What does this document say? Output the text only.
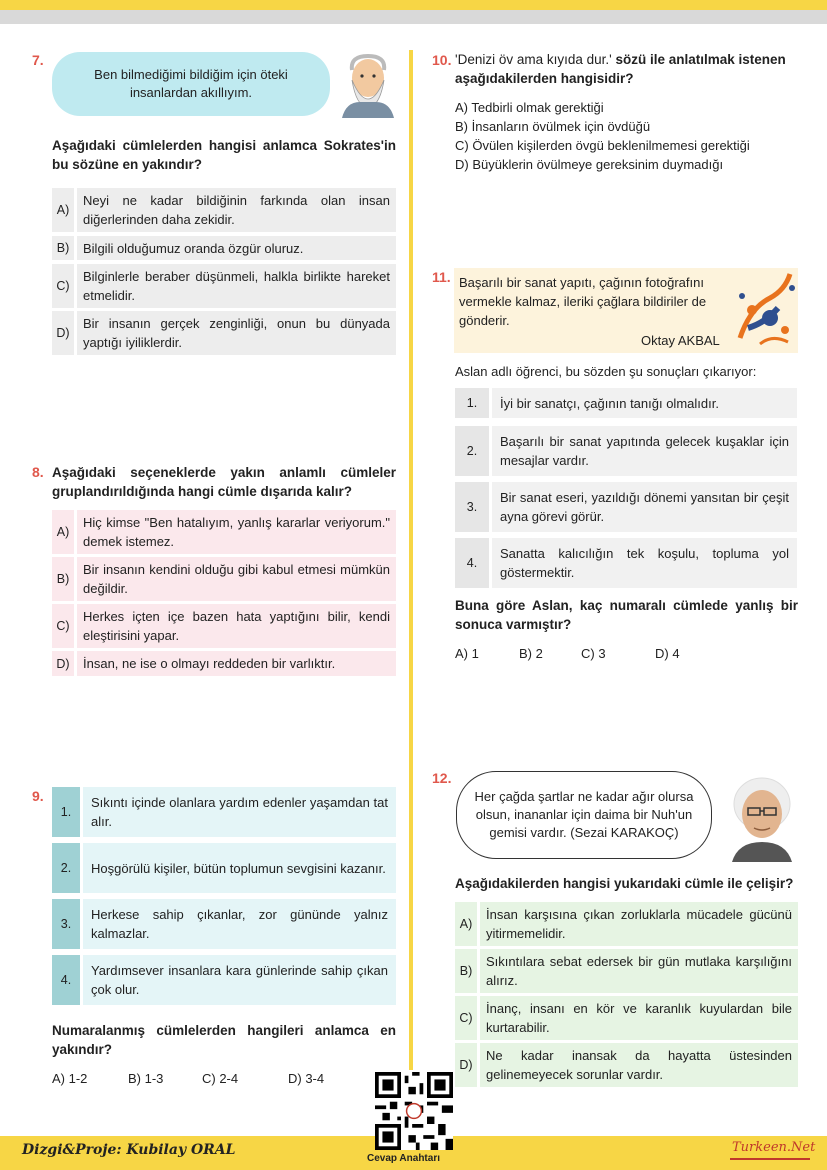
7.
Ben bilmediğimi bildiğim için öteki insanlardan akıllıyım.
Aşağıdaki cümlelerden hangisi anlamca Sokrates'in bu sözüne en yakındır?
A)
Neyi ne kadar bildiğinin farkında olan insan diğerlerinden daha zekidir.
B)	Bilgili olduğumuz oranda özgür oluruz.
C)
Bilginlerle beraber düşünmeli, halkla birlikte hareket etmelidir.
D)
Bir insanın gerçek zenginliği, onun bu dünyada yaptığı iyiliklerdir.
8. Aşağıdaki seçeneklerde yakın anlamlı cümleler gruplandırıldığında hangi cümle dışarıda kalır?
A)
Hiç kimse "Ben hatalıyım, yanlış kararlar veriyorum." demek istemez.
B)
Bir insanın kendini olduğu gibi kabul etmesi mümkün değildir.
C)
Herkes içten içe bazen hata yaptığını bilir, kendi eleştirisini yapar.
D)	İnsan, ne ise o olmayı reddeden bir varlıktır.
9.
1.
Sıkıntı içinde olanlara yardım edenler yaşamdan tat alır.
2.	Hoşgörülü kişiler, bütün toplumun sevgisini kazanır.
3.
Herkese sahip çıkanlar, zor gününde yalnız kalmazlar.
4.
Yardımsever insanlara kara günlerinde sahip çıkan çok olur.
Numaralanmış cümlelerden hangileri anlamca en yakındır?
A) 1-2	B) 1-3	C) 2-4	D) 3-4
10. 'Denizi öv ama kıyıda dur.' sözü ile anlatılmak istenen aşağıdakilerden hangisidir?
A) Tedbirli olmak gerektiği
B) İnsanların övülmek için övdüğü
C) Övülen kişilerden övgü beklenilmemesi gerektiği
D) Büyüklerin övülmeye gereksinim duymadığı
11. Başarılı bir sanat yapıtı, çağının fotoğrafını vermekle kalmaz, ileriki çağlara bildiriler de gönderir.
Oktay AKBAL
Aslan adlı öğrenci, bu sözden şu sonuçları çıkarıyor:
1.	İyi bir sanatçı, çağının tanığı olmalıdır.
2.
Başarılı bir sanat yapıtında gelecek kuşaklar için mesajlar vardır.
3.
Bir sanat eseri, yazıldığı dönemi yansıtan bir çeşit ayna görevi görür.
4.
Sanatta kalıcılığın tek koşulu, topluma yol göstermektir.
Buna göre Aslan, kaç numaralı cümlede yanlış bir sonuca varmıştır?
A) 1	B) 2	C) 3	D) 4
12.
Her çağda şartlar ne kadar ağır olursa olsun, inananlar için daima bir Nuh'un gemisi vardır. (Sezai KARAKOÇ)
Aşağıdakilerden hangisi yukarıdaki cümle ile çelişir?
A)
İnsan karşısına çıkan zorluklarla mücadele gücünü yitirmemelidir.
B)
Sıkıntılara sebat edersek bir gün mutlaka karşılığını alırız.
C)
İnanç, insanı en kör ve karanlık kuyulardan bile kurtarabilir.
D)
Ne kadar inansak da hayatta üstesinden gelinemeyecek sorunlar vardır.
Dizgi&Proje: Kubilay ORAL	Turkeen.Net
Cevap Anahtarı
